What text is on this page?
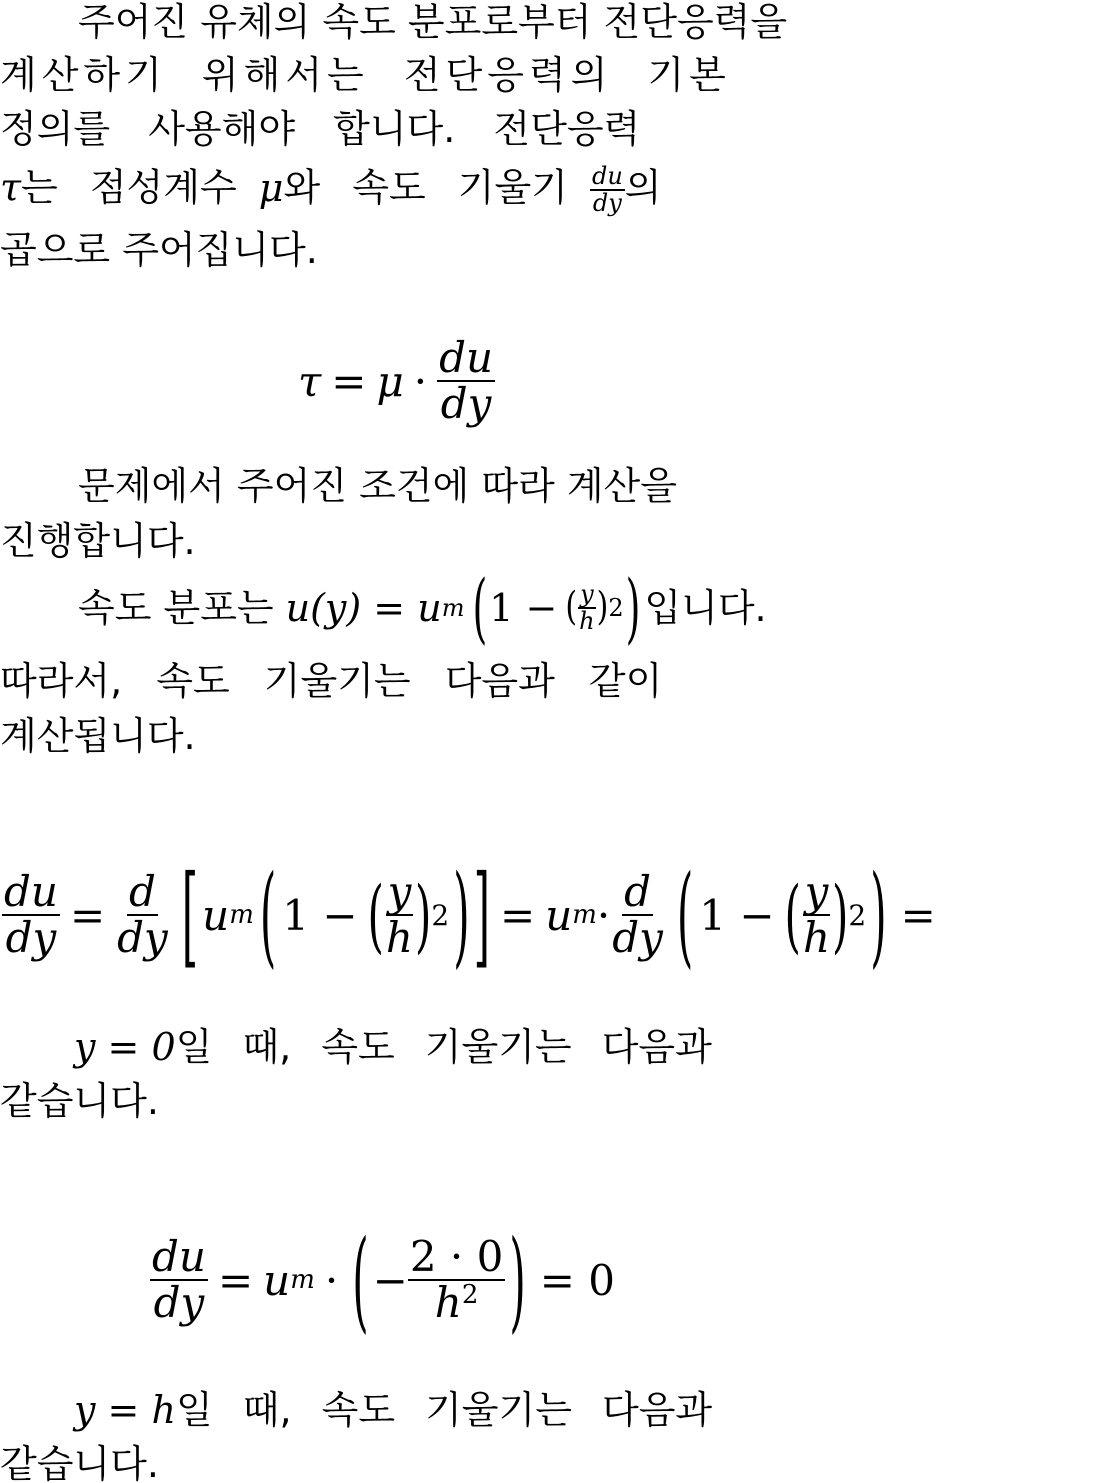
주어진 유체의 속도 분포로부터 전단응력을
계산하기 위해서는 전단응력의 기본
정의를 사용해야 합니다. 전단응력
τ는 점성계수 μ와 속도 기울기 $\frac{du}{dy}$ 의
곱으로 주어집니다.
$\tau = \mu \cdot \frac{du}{dy}$
문제에서 주어진 조건에 따라 계산을
진행합니다.
속도 분포는 u(y) = u m ( 1 − ( $\frac{y}{h}$ ) 2 ) 입니다.
따라서, 속도 기울기는 다음과 같이
계산됩니다.
$\frac{du}{dy} = \frac{d}{dy}$ [ u m ( 1 − ( $\frac{y}{h}$ ) 2 ) ] = u $m \cdot \frac{d}{dy}$ ( 1 − ( $\frac{y}{h}$ ) 2 ) =
y = 0일 때, 속도 기울기는 다음과
같습니다.
$\frac{du}{dy} = u$ m · ( − $\frac{2 \cdot 0}{h^2}$ ) = 0
y = h일 때, 속도 기울기는 다음과
같습니다.
